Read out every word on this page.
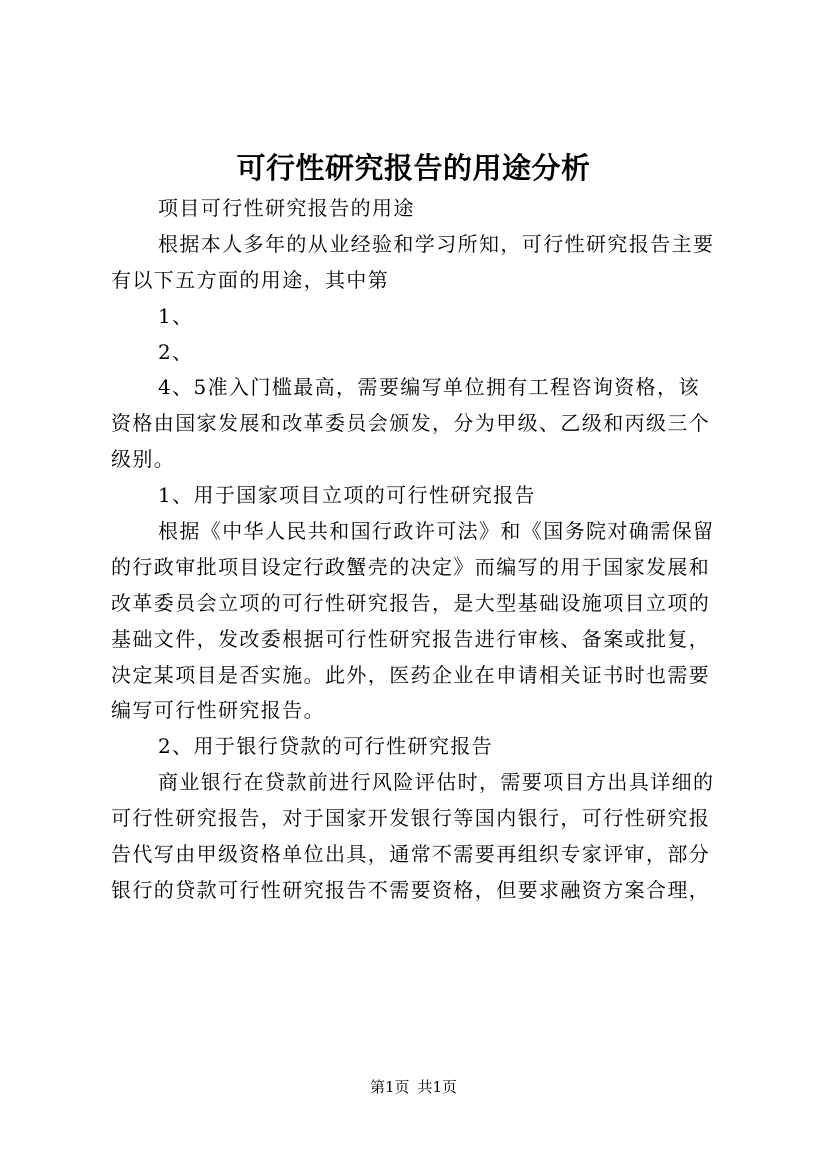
可行性研究报告的用途分析
项目可行性研究报告的用途
根据本人多年的从业经验和学习所知，可行性研究报告主要
有以下五方面的用途，其中第
1、
2、
4、5准入门槛最高，需要编写单位拥有工程咨询资格，该
资格由国家发展和改革委员会颁发，分为甲级、乙级和丙级三个
级别。
1、用于国家项目立项的可行性研究报告
根据《中华人民共和国行政许可法》和《国务院对确需保留
的行政审批项目设定行政蟹壳的决定》而编写的用于国家发展和
改革委员会立项的可行性研究报告，是大型基础设施项目立项的
基础文件，发改委根据可行性研究报告进行审核、备案或批复，
决定某项目是否实施。此外，医药企业在申请相关证书时也需要
编写可行性研究报告。
2、用于银行贷款的可行性研究报告
商业银行在贷款前进行风险评估时，需要项目方出具详细的
可行性研究报告，对于国家开发银行等国内银行，可行性研究报
告代写由甲级资格单位出具，通常不需要再组织专家评审，部分
银行的贷款可行性研究报告不需要资格，但要求融资方案合理，
第1页 共1页
